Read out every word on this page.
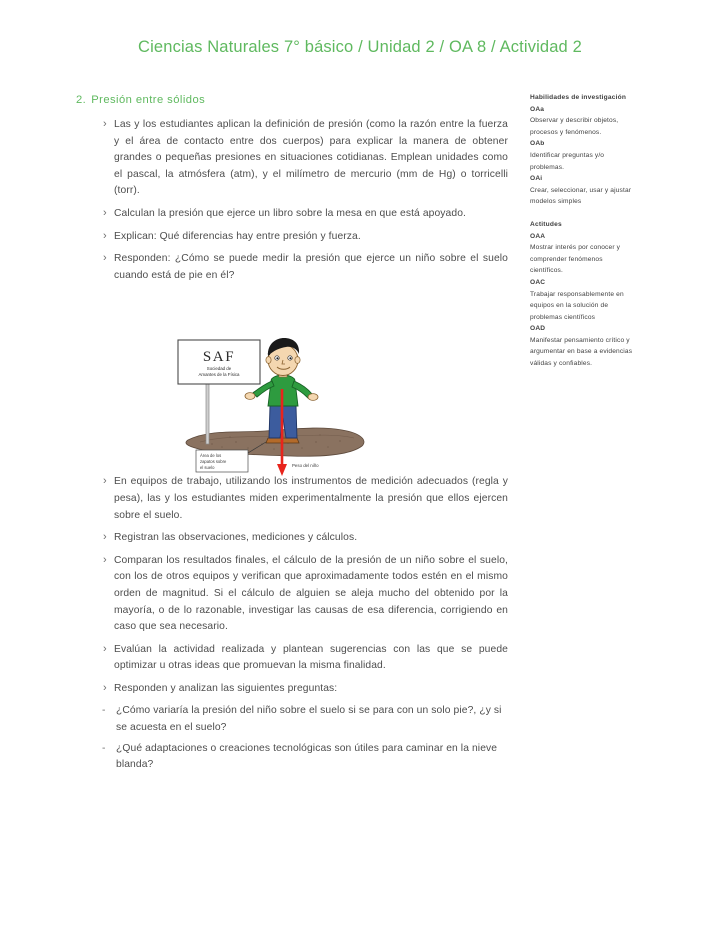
Ciencias Naturales 7° básico / Unidad 2 / OA 8 / Actividad 2
2. Presión entre sólidos
› Las y los estudiantes aplican la definición de presión (como la razón entre la fuerza y el área de contacto entre dos cuerpos) para explicar la manera de obtener grandes o pequeñas presiones en situaciones cotidianas. Emplean unidades como el pascal, la atmósfera (atm), y el milímetro de mercurio (mm de Hg) o torricelli (torr).
› Calculan la presión que ejerce un libro sobre la mesa en que está apoyado.
› Explican: Qué diferencias hay entre presión y fuerza.
› Responden: ¿Cómo se puede medir la presión que ejerce un niño sobre el suelo cuando está de pie en él?
› En equipos de trabajo, utilizando los instrumentos de medición adecuados (regla y pesa), las y los estudiantes miden experimentalmente la presión que ellos ejercen sobre el suelo.
› Registran las observaciones, mediciones y cálculos.
› Comparan los resultados finales, el cálculo de la presión de un niño sobre el suelo, con los de otros equipos y verifican que aproximadamente todos estén en el mismo orden de magnitud. Si el cálculo de alguien se aleja mucho del obtenido por la mayoría, o de lo razonable, investigar las causas de esa diferencia, corrigiendo en caso que sea necesario.
› Evalúan la actividad realizada y plantean sugerencias con las que se puede optimizar u otras ideas que promuevan la misma finalidad.
› Responden y analizan las siguientes preguntas:
- ¿Cómo variaría la presión del niño sobre el suelo si se para con un solo pie?, ¿y si se acuesta en el suelo?
- ¿Qué adaptaciones o creaciones tecnológicas son útiles para caminar en la nieve blanda?
Habilidades de investigación
OAa
Observar y describir objetos, procesos y fenómenos.
OAb
Identificar preguntas y/o problemas.
OAi
Crear, seleccionar, usar y ajustar modelos simples
Actitudes
OAA
Mostrar interés por conocer y comprender fenómenos científicos.
OAC
Trabajar responsablemente en equipos en la solución de problemas científicos
OAD
Manifestar pensamiento crítico y argumentar en base a evidencias válidas y confiables.
SAF
Sociedad de
Amantes de la Física
Área de los
zapatos sobre
el suelo	Peso del niño
